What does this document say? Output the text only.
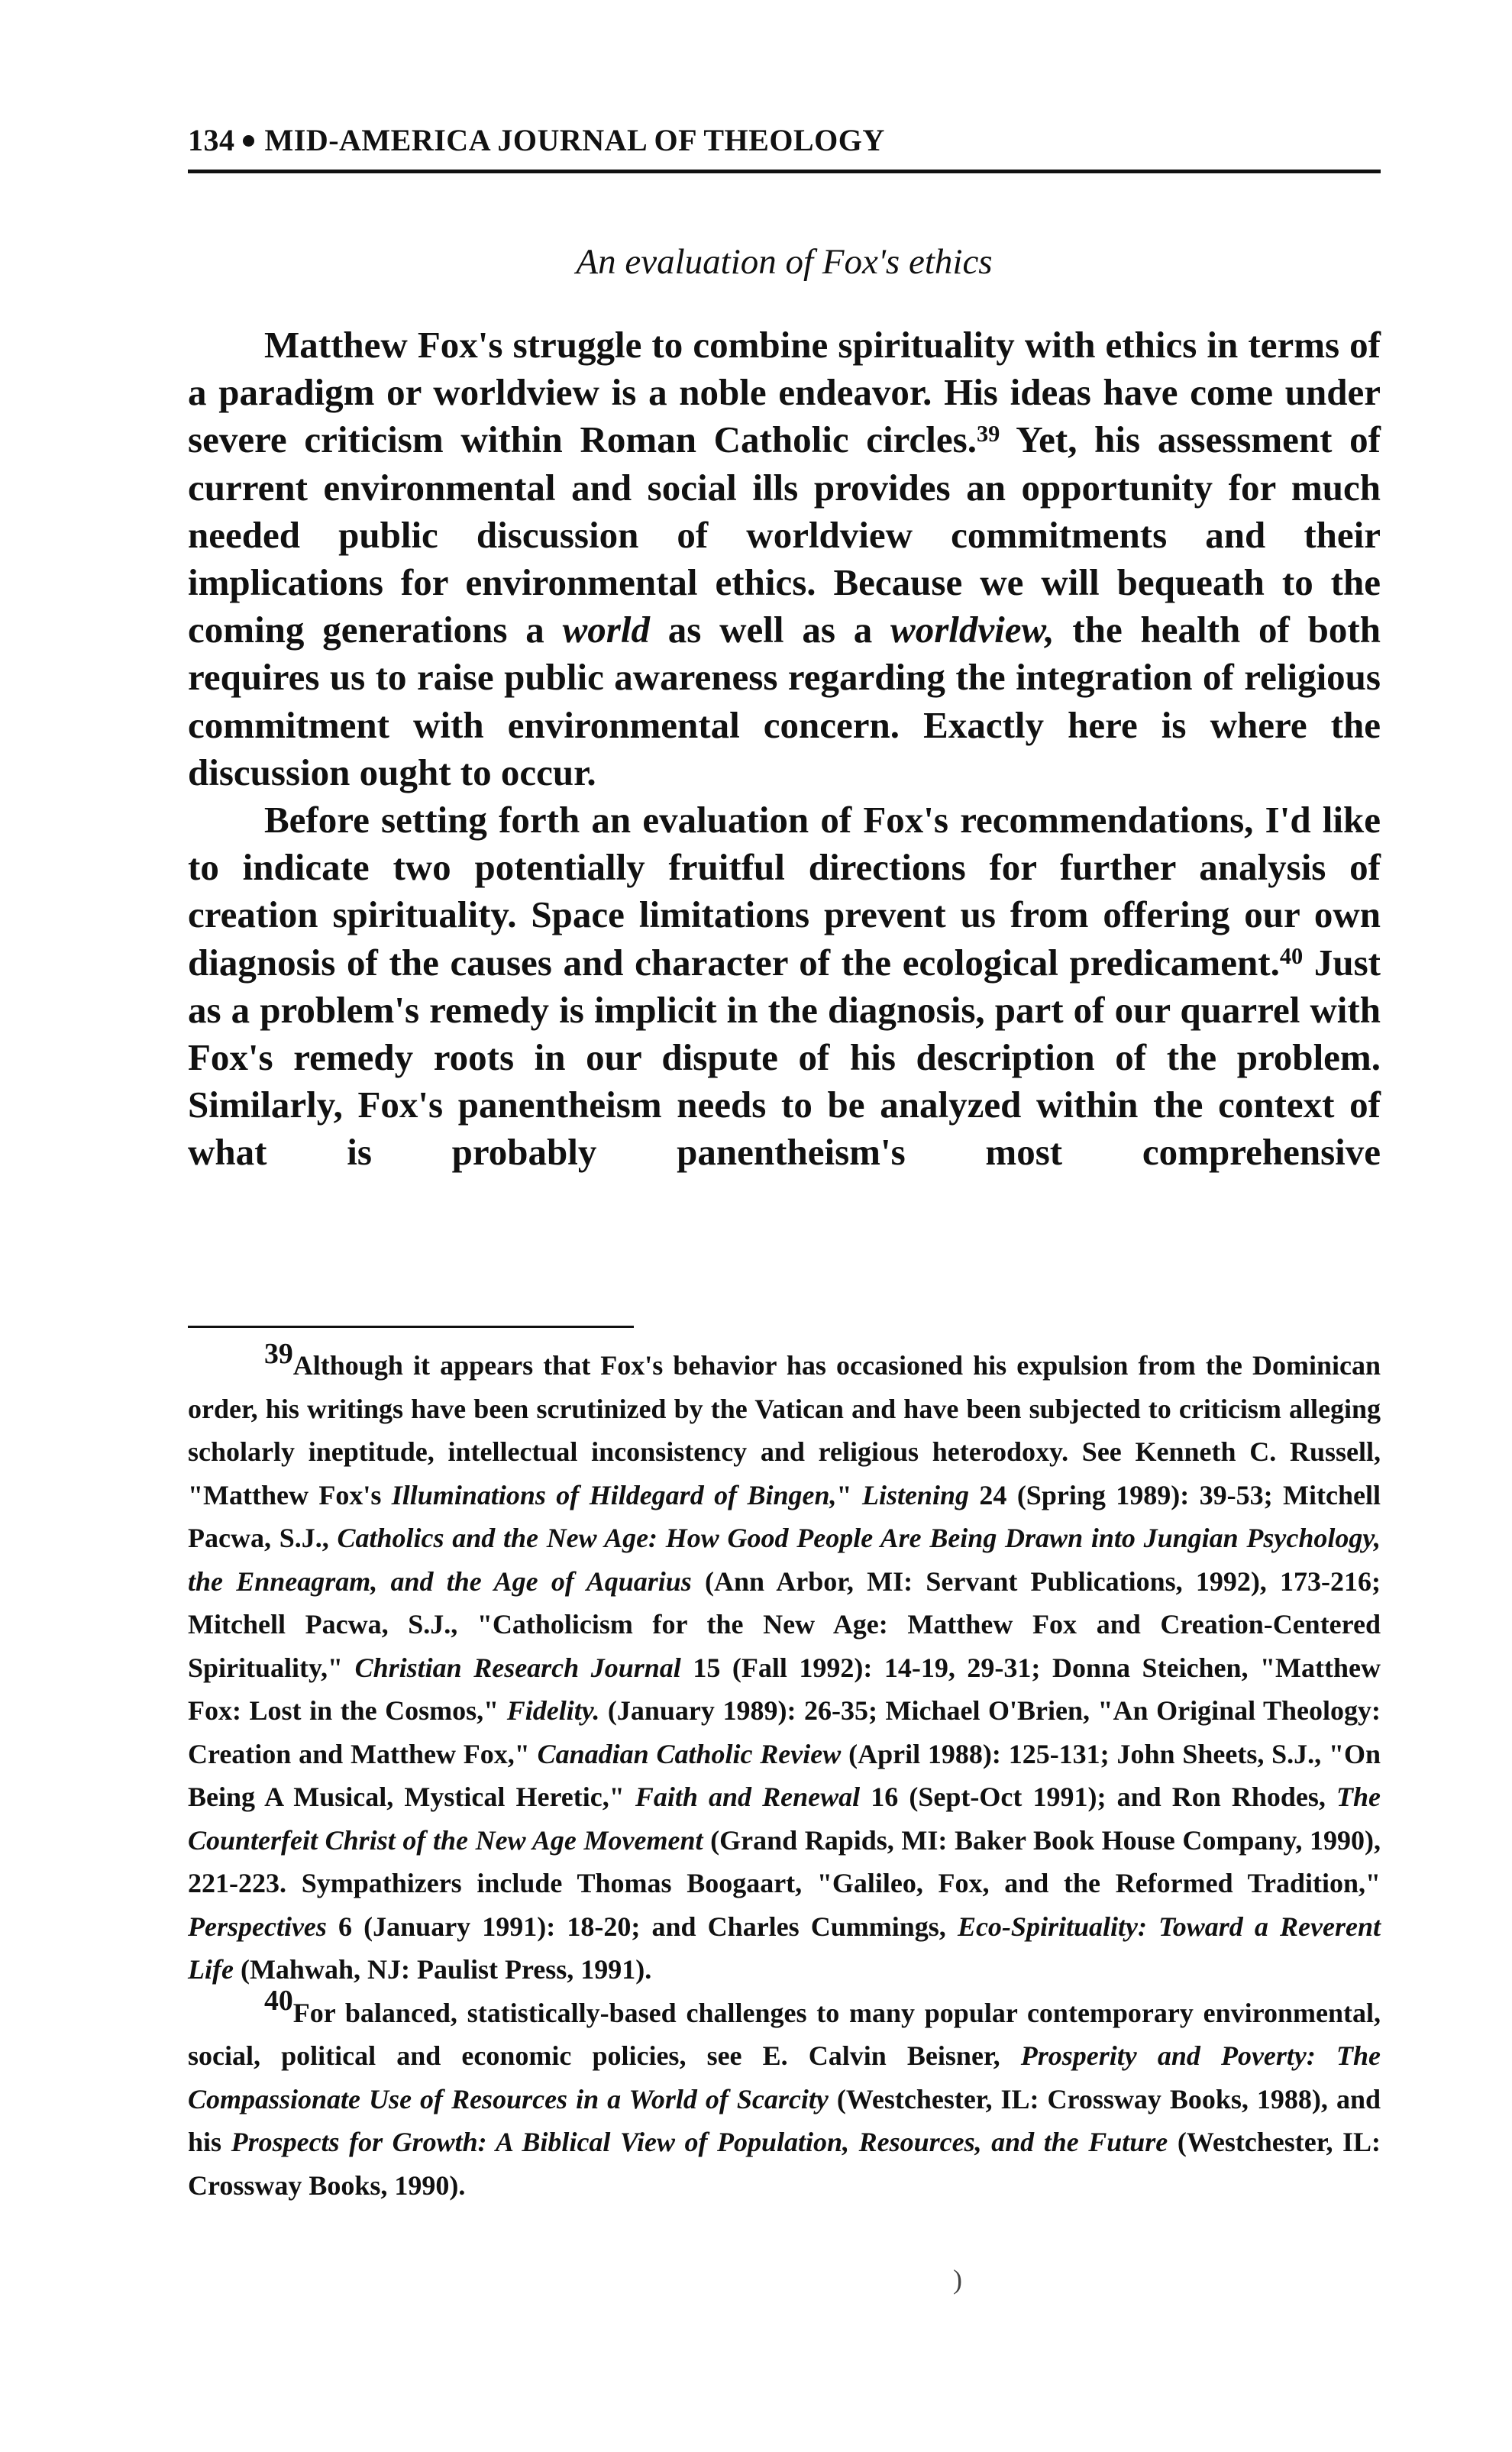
134 MID-AMERICA JOURNAL OF THEOLOGY
An evaluation of Fox's ethics

Matthew Fox's struggle to combine spirituality with ethics in terms of a paradigm or worldview is a noble endeavor. His ideas have come under severe criticism within Roman Catholic circles.$^{39}$ Yet, his assessment of current environmental and social ills provides an opportunity for much needed public discussion of worldview commitments and their implications for environmental ethics. Because we will bequeath to the coming generations a world as well as a worldview, the health of both requires us to raise public awareness regarding the integration of religious commitment with environmental concern. Exactly here is where the discussion ought to occur.

Before setting forth an evaluation of Fox's recommendations, I'd like to indicate two potentially fruitful directions for further analysis of creation spirituality. Space limitations prevent us from offering our own diagnosis of the causes and character of the ecological predicament.$^{40}$ Just as a problem's remedy is implicit in the diagnosis, part of our quarrel with Fox's remedy roots in our dispute of his description of the problem. Similarly, Fox's panentheism needs to be analyzed within the context of what is probably panentheism's most comprehensive

39Although it appears that Fox's behavior has occasioned his expulsion from the Dominican order, his writings have been scrutinized by the Vatican and have been subjected to criticism alleging scholarly ineptitude, intellectual inconsistency and religious heterodoxy. See Kenneth C. Russell, "Matthew Fox's Illuminations of Hildegard of Bingen," Listening 24 (Spring 1989): 39-53; Mitchell Pacwa, S.J., Catholics and the New Age: How Good People Are Being Drawn into Jungian Psychology, the Enneagram, and the Age of Aquarius (Ann Arbor, MI: Servant Publications, 1992), 173-216; Mitchell Pacwa, S.J., "Catholicism for the New Age: Matthew Fox and Creation-Centered Spirituality," Christian Research Journal 15 (Fall 1992): 14-19, 29-31; Donna Steichen, "Matthew Fox: Lost in the Cosmos," Fidelity. (January 1989): 26-35; Michael O'Brien, "An Original Theology: Creation and Matthew Fox," Canadian Catholic Review (April 1988): 125-131; John Sheets, S.J., "On Being A Musical, Mystical Heretic," Faith and Renewal 16 (Sept-Oct 1991); and Ron Rhodes, The Counterfeit Christ of the New Age Movement (Grand Rapids, MI: Baker Book House Company, 1990), 221-223. Sympathizers include Thomas Boogaart, "Galileo, Fox, and the Reformed Tradition," Perspectives 6 (January 1991): 18-20; and Charles Cummings, Eco-Spirituality: Toward a Reverent Life (Mahwah, NJ: Paulist Press, 1991).

40For balanced, statistically-based challenges to many popular contemporary environmental, social, political and economic policies, see E. Calvin Beisner, Prosperity and Poverty: The Compassionate Use of Resources in a World of Scarcity (Westchester, IL: Crossway Books, 1988), and his Prospects for Growth: A Biblical View of Population, Resources, and the Future (Westchester, IL: Crossway Books, 1990).

)
